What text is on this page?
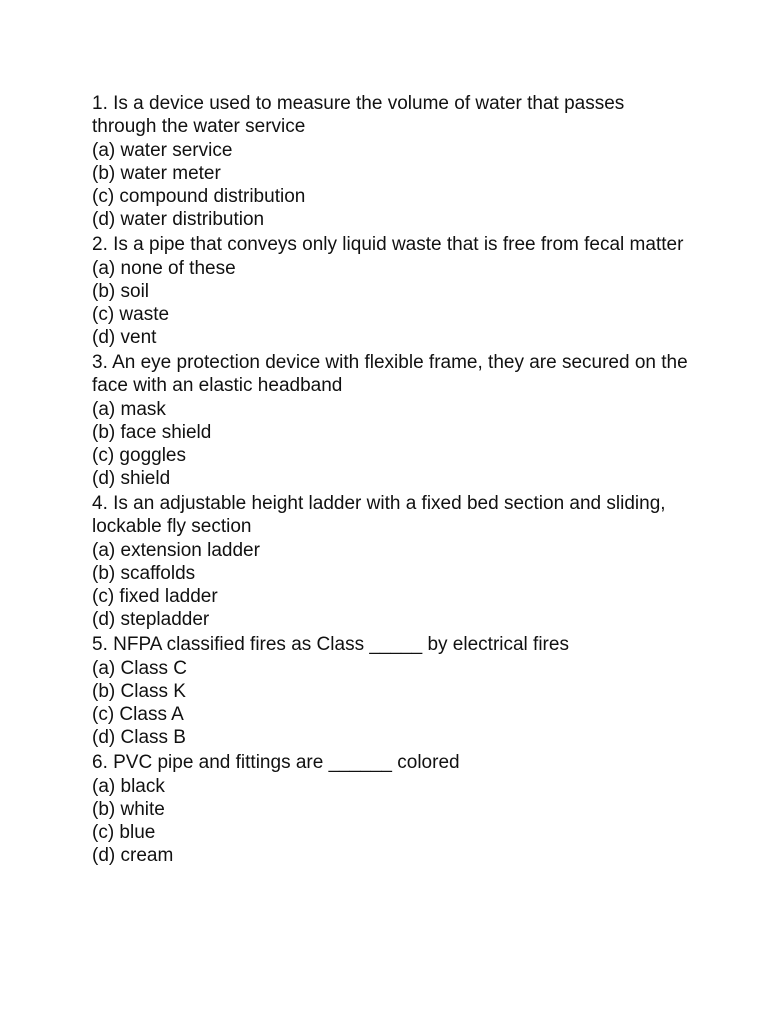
1. Is a device used to measure the volume of water that passes through the water service
(a) water service
(b) water meter
(c) compound distribution
(d) water distribution
2. Is a pipe that conveys only liquid waste that is free from fecal matter
(a) none of these
(b) soil
(c) waste
(d) vent
3. An eye protection device with flexible frame, they are secured on the face with an elastic headband
(a) mask
(b) face shield
(c) goggles
(d) shield
4. Is an adjustable height ladder with a fixed bed section and sliding, lockable fly section
(a) extension ladder
(b) scaffolds
(c) fixed ladder
(d) stepladder
5. NFPA classified fires as Class _____ by electrical fires
(a) Class C
(b) Class K
(c) Class A
(d) Class B
6. PVC pipe and fittings are ______ colored
(a) black
(b) white
(c) blue
(d) cream
